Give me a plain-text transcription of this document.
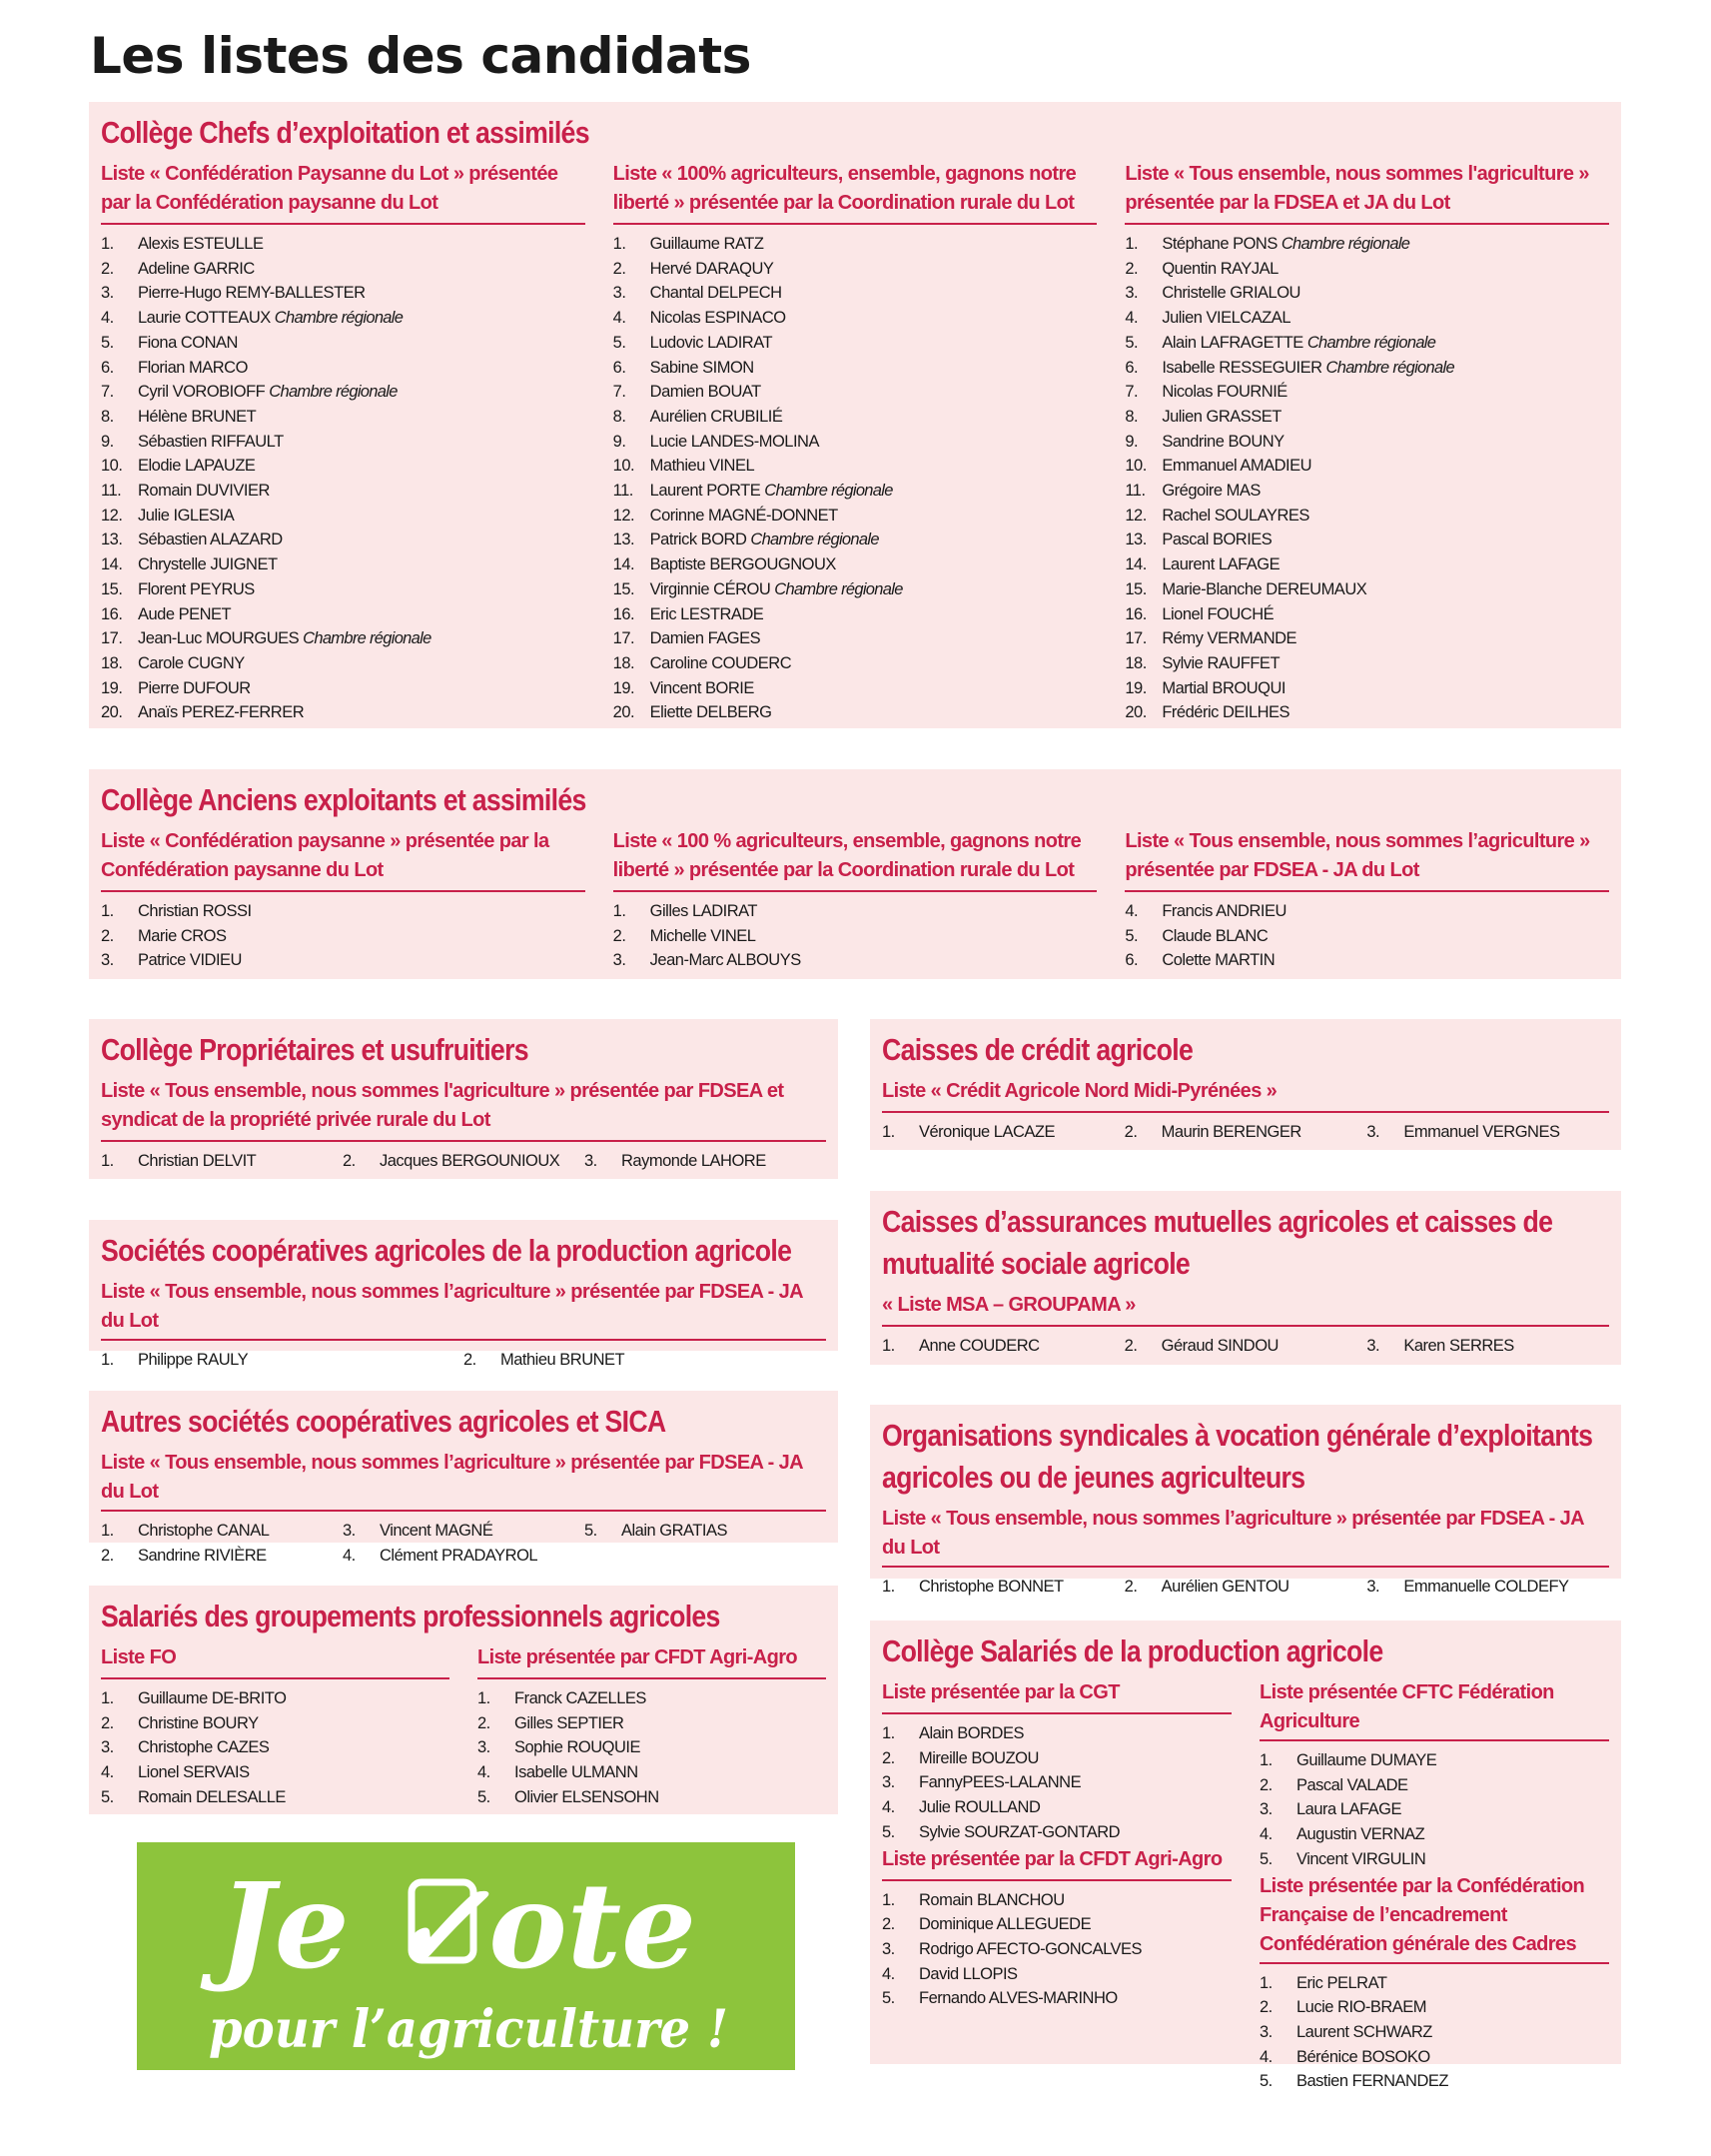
Les listes des candidats
Collège Chefs d’exploitation et assimilés
Liste « Confédération Paysanne du Lot » présentée par la Confédération paysanne du Lot
1.	Alexis ESTEULLE
2.	Adeline GARRIC
3.	Pierre-Hugo REMY-BALLESTER
4.	Laurie COTTEAUX Chambre régionale
5.	Fiona CONAN
6.	Florian MARCO
7.	Cyril VOROBIOFF Chambre régionale
8.	Hélène BRUNET
9.	Sébastien RIFFAULT
10. Elodie LAPAUZE
11.	Romain DUVIVIER
12. Julie IGLESIA
13. Sébastien ALAZARD
14. Chrystelle JUIGNET
15. Florent PEYRUS
16. Aude PENET
17. Jean-Luc MOURGUES Chambre régionale
18. Carole CUGNY
19. Pierre DUFOUR
20. Anaïs PEREZ-FERRER
Liste « 100% agriculteurs, ensemble, gagnons notre liberté » présentée par la Coordination rurale du Lot
1.	Guillaume RATZ
2.	Hervé DARAQUY
3.	Chantal DELPECH
4.	Nicolas ESPINACO
5.	Ludovic LADIRAT
6.	Sabine SIMON
7.	Damien BOUAT
8.	Aurélien CRUBILIÉ
9.	Lucie LANDES-MOLINA
10. Mathieu VINEL
11.	Laurent PORTE Chambre régionale
12. Corinne MAGNÉ-DONNET
13. Patrick BORD Chambre régionale
14. Baptiste BERGOUGNOUX
15. Virginnie CÉROU Chambre régionale
16. Eric LESTRADE
17. Damien FAGES
18. Caroline COUDERC
19. Vincent BORIE
20. Eliette DELBERG
Liste « Tous ensemble, nous sommes l'agriculture » présentée par la FDSEA et JA du Lot
1.	Stéphane PONS Chambre régionale
2.	Quentin RAYJAL
3.	Christelle GRIALOU
4.	Julien VIELCAZAL
5.	Alain LAFRAGETTE Chambre régionale
6.	Isabelle RESSEGUIER Chambre régionale
7.	Nicolas FOURNIÉ
8.	Julien GRASSET
9.	Sandrine BOUNY
10. Emmanuel AMADIEU
11.	Grégoire MAS
12. Rachel SOULAYRES
13. Pascal BORIES
14. Laurent LAFAGE
15. Marie-Blanche DEREUMAUX
16. Lionel FOUCHÉ
17. Rémy VERMANDE
18. Sylvie RAUFFET
19. Martial BROUQUI
20. Frédéric DEILHES
Collège Anciens exploitants et assimilés
Liste « Confédération paysanne » présentée par la Confédération paysanne du Lot
1.	Christian ROSSI
2.	Marie CROS
3.	Patrice VIDIEU
Liste « 100 % agriculteurs, ensemble, gagnons notre liberté » présentée par la Coordination rurale du Lot
1.	Gilles LADIRAT
2.	Michelle VINEL
3.	Jean-Marc ALBOUYS
Liste « Tous ensemble, nous sommes l’agriculture » présentée par FDSEA - JA du Lot
4.	Francis ANDRIEU
5.	Claude BLANC
6.	Colette MARTIN
Collège Propriétaires et usufruitiers
Liste « Tous ensemble, nous sommes l'agriculture » présentée par FDSEA et syndicat de la propriété privée rurale du Lot
1.	Christian DELVIT	2.	Jacques BERGOUNIOUX 3.	Raymonde LAHORE
Caisses de crédit agricole
Liste « Crédit Agricole Nord Midi-Pyrénées »
1.	Véronique LACAZE	2.	Maurin BERENGER	3.	Emmanuel VERGNES
Sociétés coopératives agricoles de la production agricole
Liste « Tous ensemble, nous sommes l’agriculture » présentée par FDSEA - JA du Lot
1.	Philippe RAULY	2.	Mathieu BRUNET
Caisses d’assurances mutuelles agricoles et caisses de mutualité sociale agricole
« Liste MSA – GROUPAMA »
1.	Anne COUDERC	2.	Géraud SINDOU	3.	Karen SERRES
Autres sociétés coopératives agricoles et SICA
Liste « Tous ensemble, nous sommes l’agriculture » présentée par FDSEA - JA du Lot
1.	Christophe CANAL
2.	Sandrine RIVIÈRE
3.	Vincent MAGNÉ
4.	Clément PRADAYROL
5.	Alain GRATIAS
Organisations syndicales à vocation générale d’exploitants agricoles ou de jeunes agriculteurs
Liste « Tous ensemble, nous sommes l’agriculture » présentée par FDSEA - JA du Lot
1.	Christophe BONNET	2.	Aurélien GENTOU	3.	Emmanuelle COLDEFY
Salariés des groupements professionnels agricoles
Liste FO
1.	Guillaume DE-BRITO
2.	Christine BOURY
3.	Christophe CAZES
4.	Lionel SERVAIS
5.	Romain DELESALLE
Liste présentée par CFDT Agri-Agro
1.	Franck CAZELLES
2.	Gilles SEPTIER
3.	Sophie ROUQUIE
4.	Isabelle ULMANN
5.	Olivier ELSENSOHN
Collège Salariés de la production agricole
Liste présentée par la CGT
1.	Alain BORDES
2.	Mireille BOUZOU
3.	FannyPEES-LALANNE
4.	Julie ROULLAND
5.	Sylvie SOURZAT-GONTARD
Liste présentée par la CFDT Agri-Agro
1.	Romain BLANCHOU
2.	Dominique ALLEGUEDE
3.	Rodrigo AFECTO-GONCALVES
4.	David LLOPIS
5.	Fernando ALVES-MARINHO
Liste présentée CFTC Fédération Agriculture
1.	Guillaume DUMAYE
2.	Pascal VALADE
3.	Laura LAFAGE
4.	Augustin VERNAZ
5.	Vincent VIRGULIN
Liste présentée par la Confédération Française de l’encadrement Confédération générale des Cadres
1.	Eric PELRAT
2.	Lucie RIO-BRAEM
3.	Laurent SCHWARZ
4.	Bérénice BOSOKO
5.	Bastien FERNANDEZ
Je ✓ote
pour l’agriculture !
